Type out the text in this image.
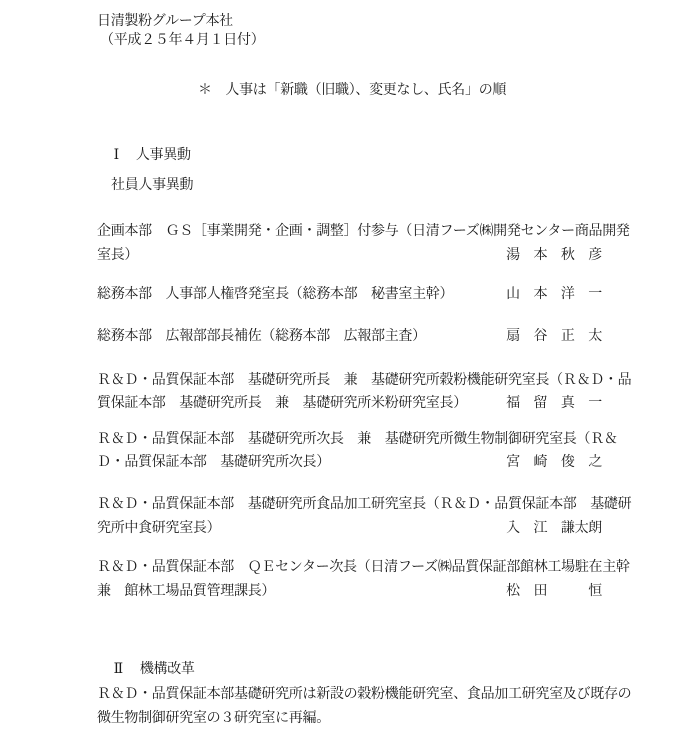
日清製粉グループ本社
（平成２５年４月１日付）
＊　人事は「新職（旧職）、変更なし、氏名」の順

Ⅰ 人事異動

社員人事異動
企画本部　ＧＳ［事業開発・企画・調整］付参与（日清フーズ㈱開発センター商品開発
室長）	湯　本　秋　彦
総務本部　人事部人権啓発室長（総務本部　秘書室主幹）	山　本　洋　一
総務本部　広報部部長補佐（総務本部　広報部主査）	扇　谷　正　太
Ｒ＆Ｄ・品質保証本部　基礎研究所長　兼　基礎研究所穀粉機能研究室長（Ｒ＆Ｄ・品
質保証本部　基礎研究所長　兼　基礎研究所米粉研究室長）	福　留　真　一
Ｒ＆Ｄ・品質保証本部　基礎研究所次長　兼　基礎研究所微生物制御研究室長（Ｒ＆
Ｄ・品質保証本部　基礎研究所次長）	宮　崎　俊　之
Ｒ＆Ｄ・品質保証本部　基礎研究所食品加工研究室長（Ｒ＆Ｄ・品質保証本部　基礎研
究所中食研究室長）	入　江　謙太朗
Ｒ＆Ｄ・品質保証本部　ＱＥセンター次長（日清フーズ㈱品質保証部館林工場駐在主幹
兼　館林工場品質管理課長）	松　田　　　恒

Ⅱ 機構改革

Ｒ＆Ｄ・品質保証本部基礎研究所は新設の穀粉機能研究室、食品加工研究室及び既存の
微生物制御研究室の３研究室に再編。
